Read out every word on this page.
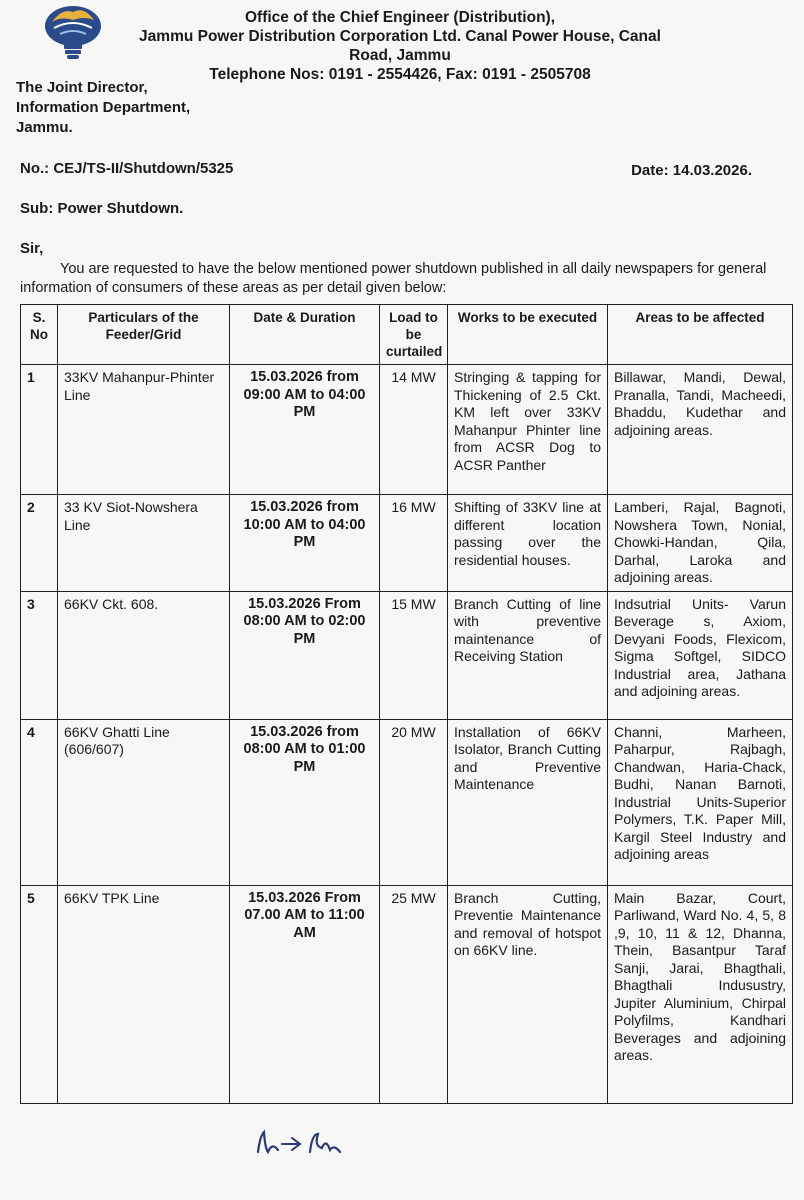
Office of the Chief Engineer (Distribution),
Jammu Power Distribution Corporation Ltd. Canal Power House, Canal Road, Jammu
Telephone Nos: 0191 - 2554426, Fax: 0191 - 2505708
The Joint Director,
Information Department,
Jammu.
No.: CEJ/TS-II/Shutdown/5325	Date: 14.03.2026.
Sub: Power Shutdown.
Sir,
You are requested to have the below mentioned power shutdown published in all daily newspapers for general information of consumers of these areas as per detail given below:
S. No	Particulars of the Feeder/Grid	Date & Duration	Load to be curtailed	Works to be executed	Areas to be affected
1	33KV Mahanpur-Phinter Line	15.03.2026 from 09:00 AM to 04:00 PM	14 MW	Stringing & tapping for Thickening of 2.5 Ckt. KM left over 33KV Mahanpur Phinter line from ACSR Dog to ACSR Panther	Billawar, Mandi, Dewal, Pranalla, Tandi, Macheedi, Bhaddu, Kudethar and adjoining areas.
2	33 KV Siot-Nowshera Line	15.03.2026 from 10:00 AM to 04:00 PM	16 MW	Shifting of 33KV line at different location passing over the residential houses.	Lamberi, Rajal, Bagnoti, Nowshera Town, Nonial, Chowki-Handan, Qila, Darhal, Laroka and adjoining areas.
3	66KV Ckt. 608.	15.03.2026 From 08:00 AM to 02:00 PM	15 MW	Branch Cutting of line with preventive maintenance of Receiving Station	Indsutrial Units- Varun Beverage s, Axiom, Devyani Foods, Flexicom, Sigma Softgel, SIDCO Industrial area, Jathana and adjoining areas.
4	66KV Ghatti Line (606/607)	15.03.2026 from 08:00 AM to 01:00 PM	20 MW	Installation of 66KV Isolator, Branch Cutting and Preventive Maintenance	Channi, Marheen, Paharpur, Rajbagh, Chandwan, Haria-Chack, Budhi, Nanan Barnoti, Industrial Units-Superior Polymers, T.K. Paper Mill, Kargil Steel Industry and adjoining areas
5	66KV TPK Line	15.03.2026 From 07.00 AM to 11:00 AM	25 MW	Branch Cutting, Preventie Maintenance and removal of hotspot on 66KV line.	Main Bazar, Court, Parliwand, Ward No. 4, 5, 8 ,9, 10, 11 & 12, Dhanna, Thein, Basantpur Taraf Sanji, Jarai, Bhagthali, Bhagthali Indusustry, Jupiter Aluminium, Chirpal Polyfilms, Kandhari Beverages and adjoining areas.
